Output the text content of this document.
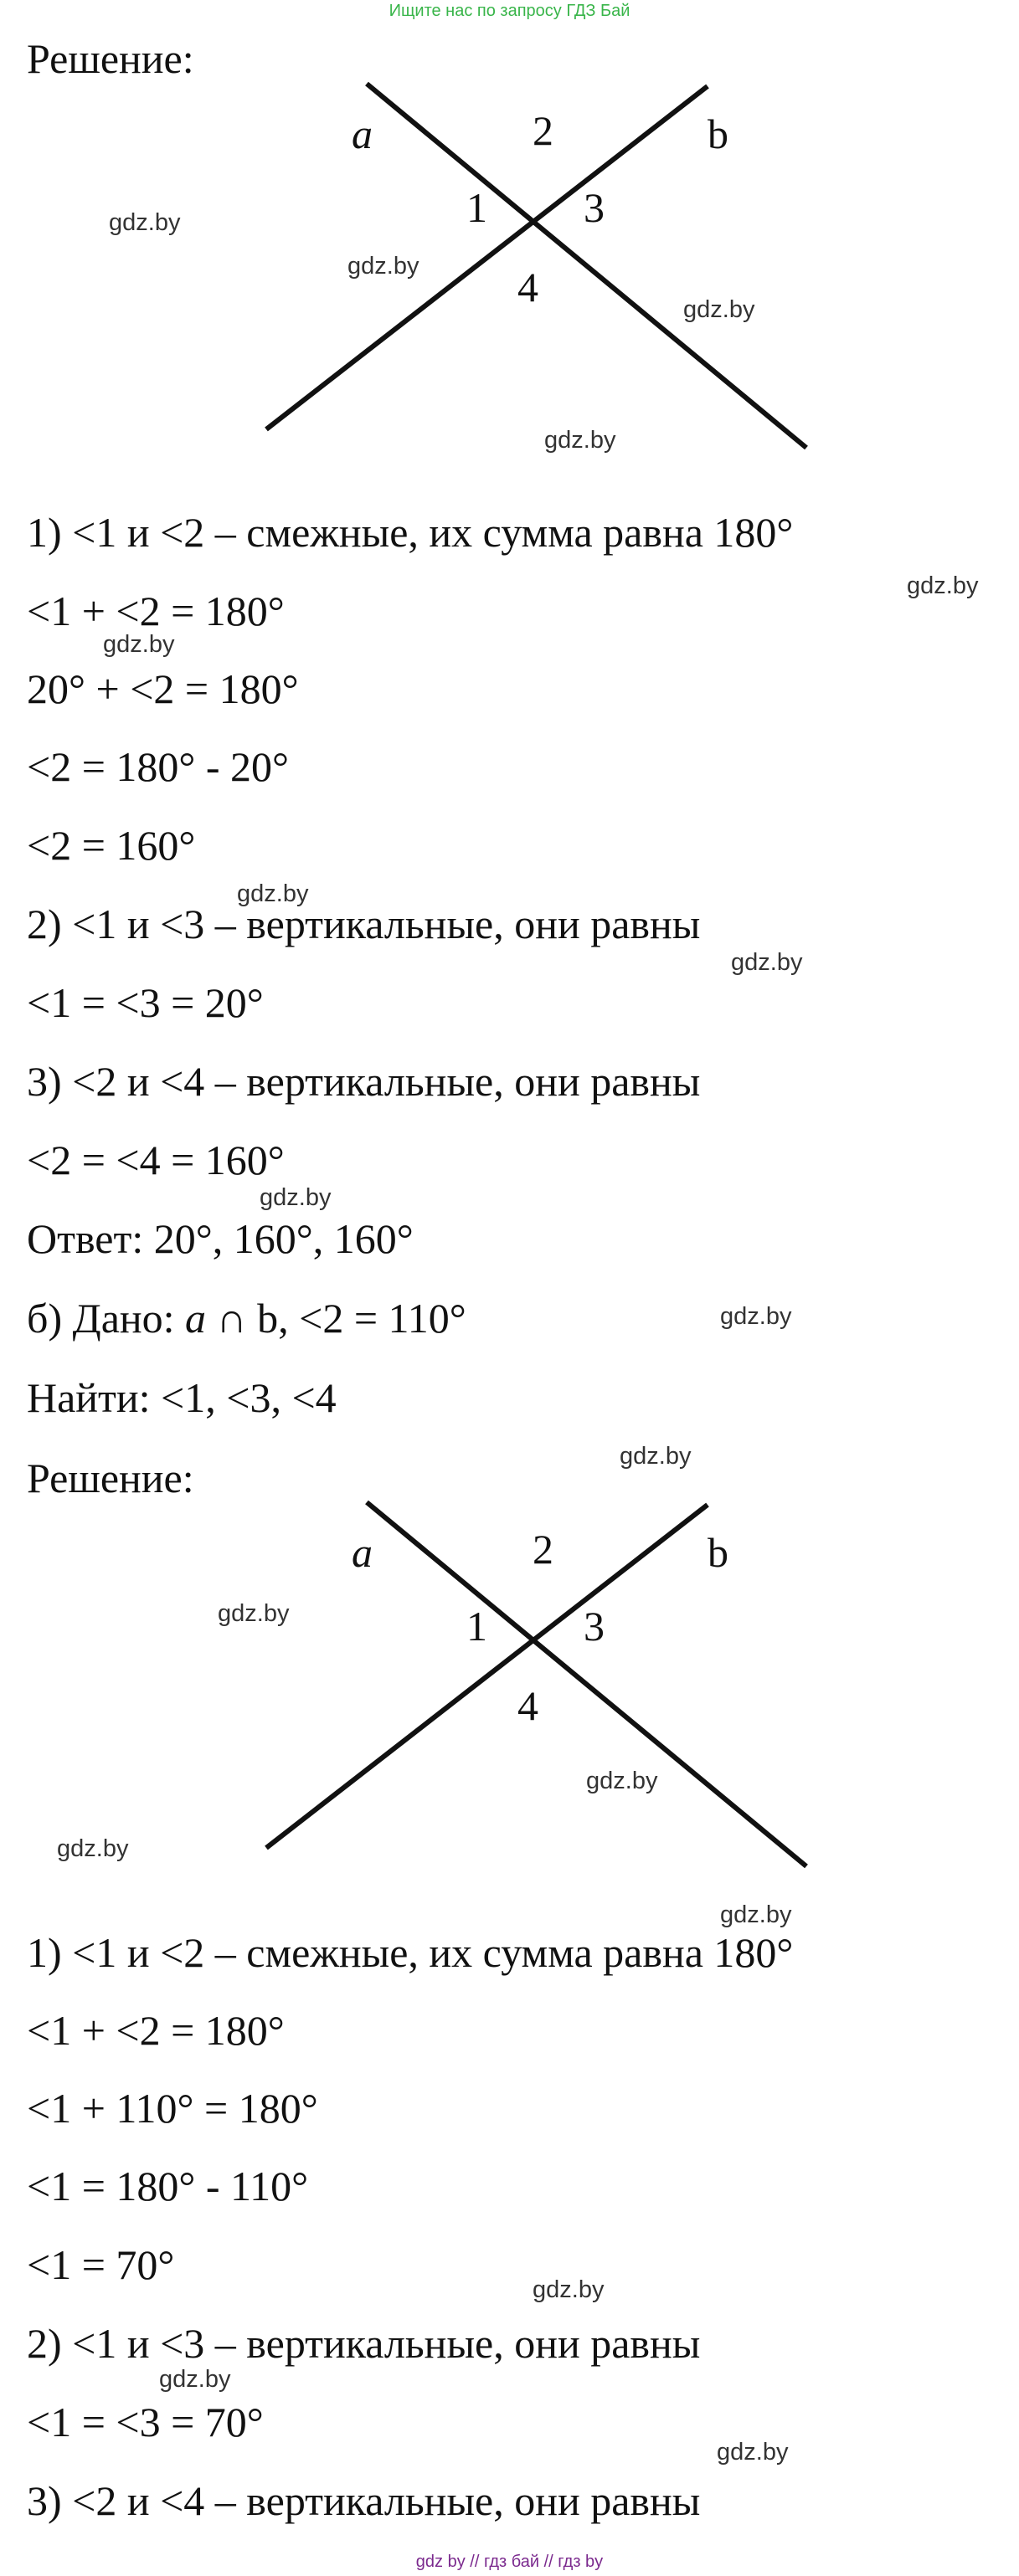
Ищите нас по запросу ГДЗ Бай
Решение:
a	b
2
1 3
4
1) <1 и <2 – смежные, их сумма равна 180°
<1 + <2 = 180°
20° + <2 = 180°
<2 = 180° - 20°
<2 = 160°
2) <1 и <3 – вертикальные, они равны
<1 = <3 = 20°
3) <2 и <4 – вертикальные, они равны
<2 = <4 = 160°
Ответ: 20°, 160°, 160°
б) Дано: a ∩ b, <2 = 110°
Найти: <1, <3, <4
Решение:
a	b
2
1 3
4
1) <1 и <2 – смежные, их сумма равна 180°
<1 + <2 = 180°
<1 + 110° = 180°
<1 = 180° - 110°
<1 = 70°
2) <1 и <3 – вертикальные, они равны
<1 = <3 = 70°
3) <2 и <4 – вертикальные, они равны
gdz.by
gdz.by
gdz.by
gdz.by
gdz.by
gdz.by
gdz.by
gdz.by
gdz.by
gdz.by
gdz.by
gdz.by
gdz.by
gdz.by
gdz.by
gdz.by
gdz.by
gdz.by
gdz by // гдз бай // гдз by
